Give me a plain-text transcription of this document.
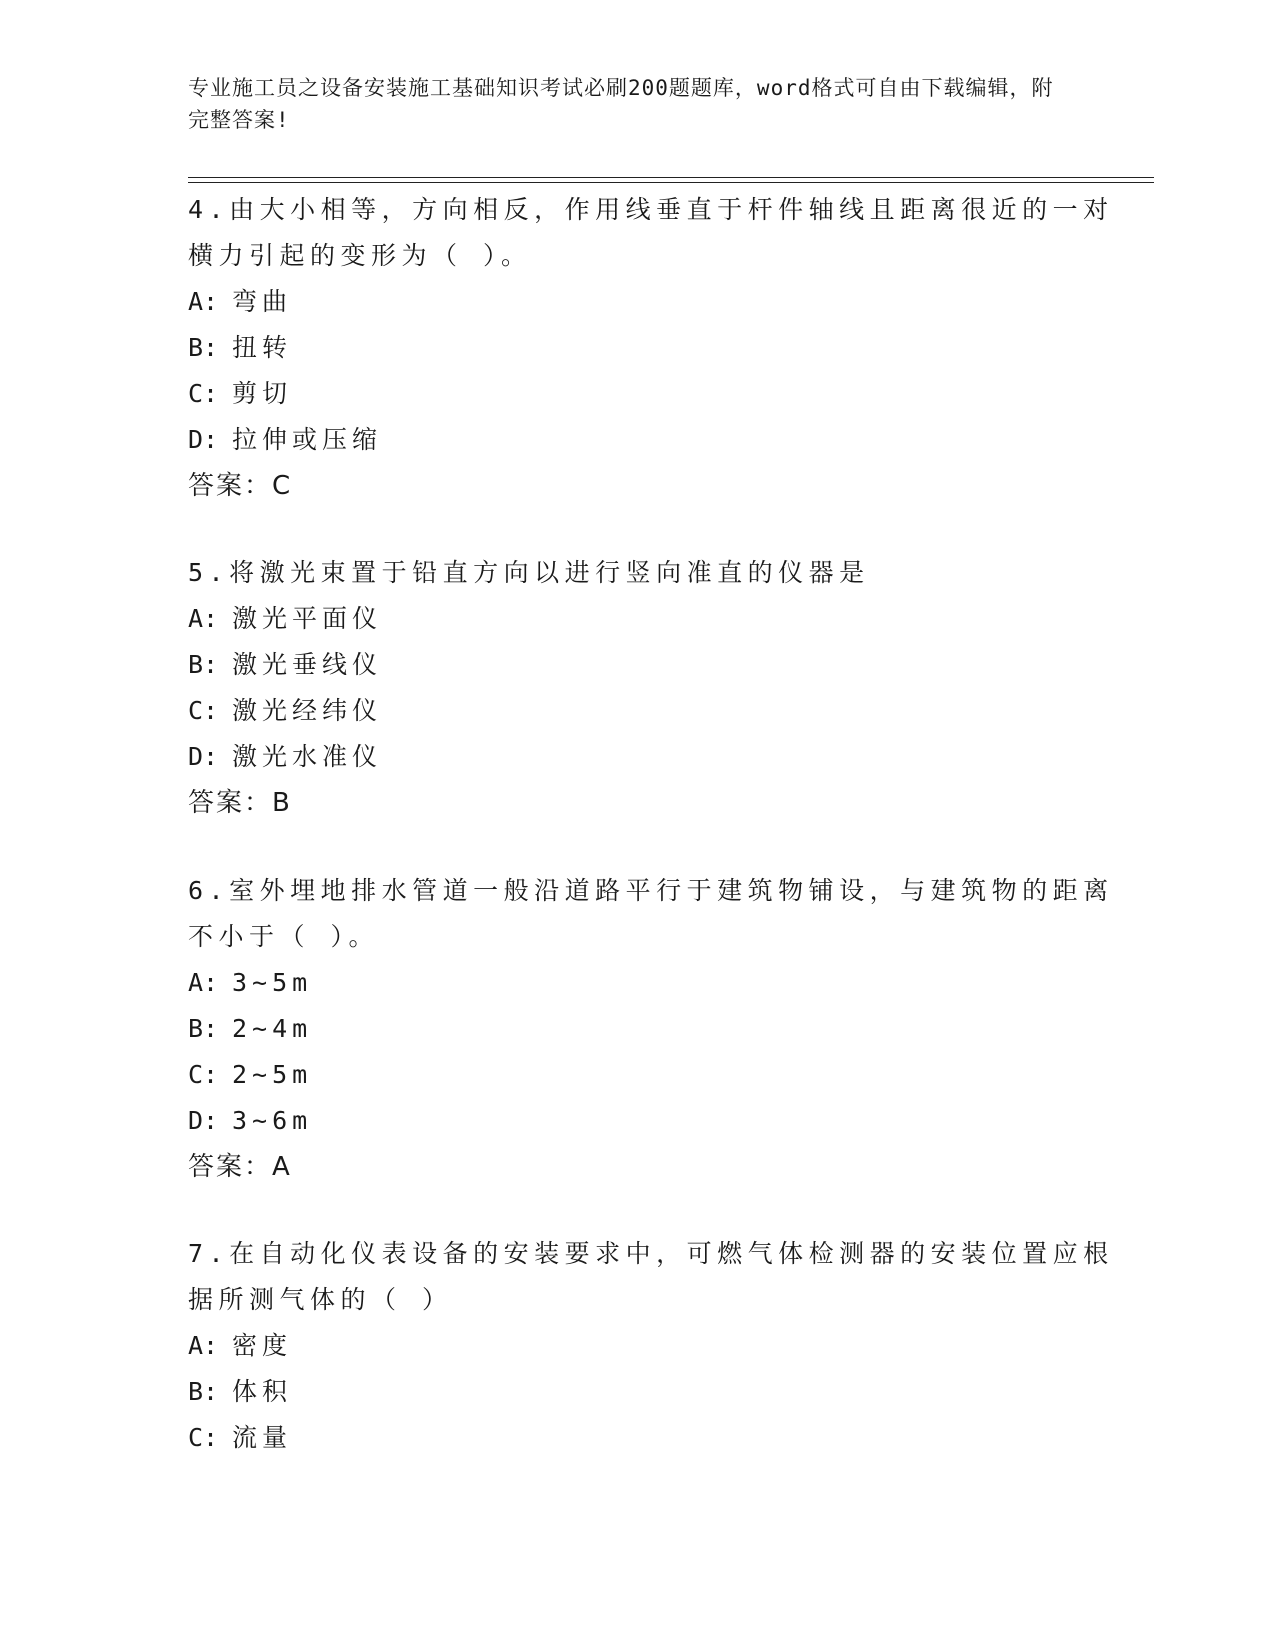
专业施工员之设备安装施工基础知识考试必刷200题题库，word格式可自由下载编辑，附完整答案!
4.由大小相等，方向相反，作用线垂直于杆件轴线且距离很近的一对
横力引起的变形为（ ）。
A: 弯曲
B: 扭转
C: 剪切
D: 拉伸或压缩
答案：C
5.将激光束置于铅直方向以进行竖向准直的仪器是
A: 激光平面仪
B: 激光垂线仪
C: 激光经纬仪
D: 激光水准仪
答案：B
6.室外埋地排水管道一般沿道路平行于建筑物铺设，与建筑物的距离
不小于（ ）。
A: 3~5m
B: 2~4m
C: 2~5m
D: 3~6m
答案：A
7.在自动化仪表设备的安装要求中，可燃气体检测器的安装位置应根
据所测气体的（ ）
A: 密度
B: 体积
C: 流量
